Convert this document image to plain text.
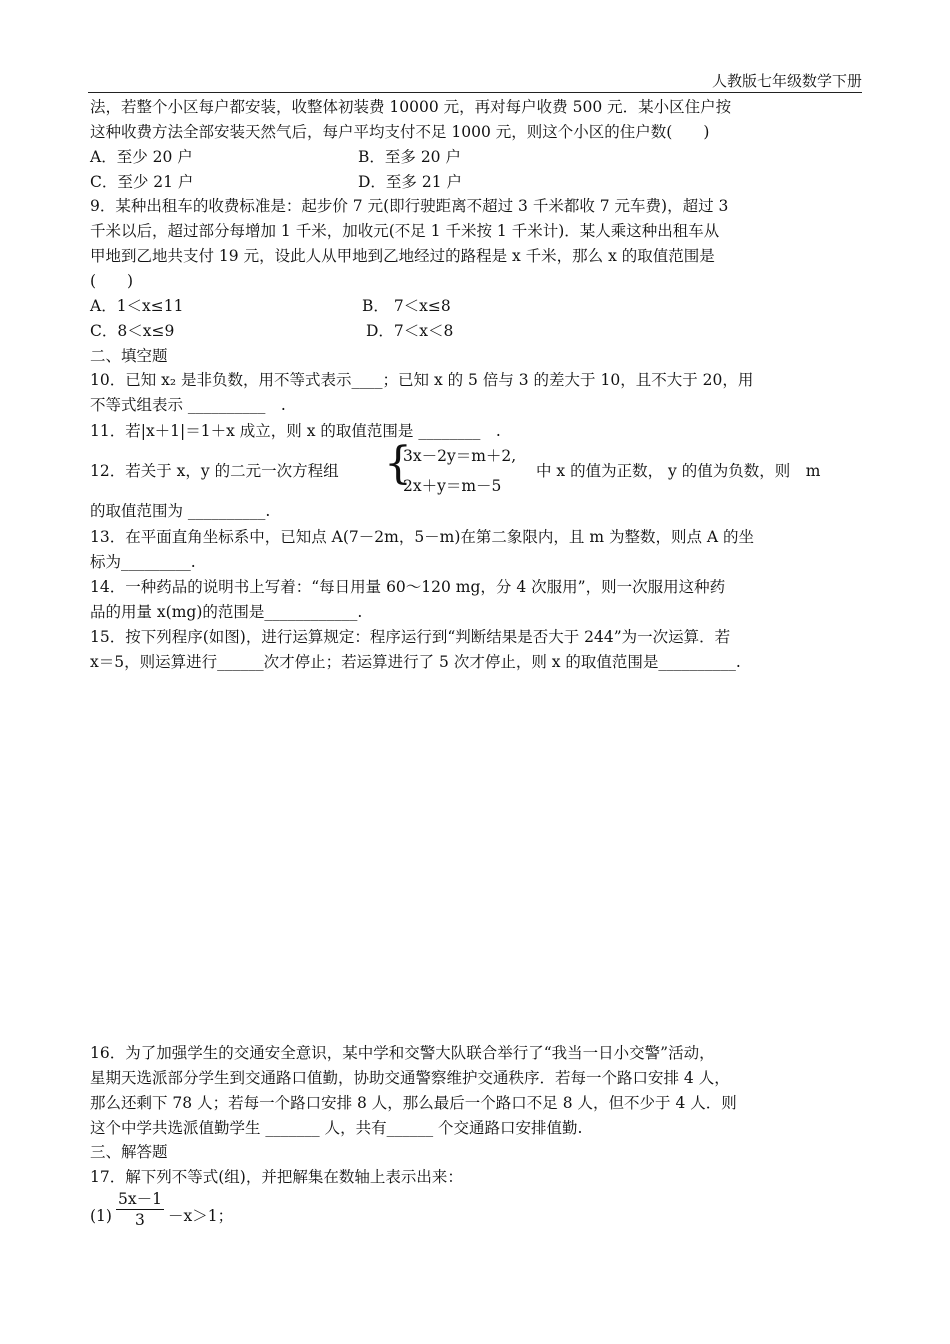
人教版七年级数学下册
法，若整个小区每户都安装，收整体初装费 10000 元，再对每户收费 500 元．某小区住户按
这种收费方法全部安装天然气后，每户平均支付不足 1000 元，则这个小区的住户数(　　)
A．至少 20 户	B．至多 20 户
C．至少 21 户	D．至多 21 户
9．某种出租车的收费标准是：起步价 7 元(即行驶距离不超过 3 千米都收 7 元车费)，超过 3
千米以后，超过部分每增加 1 千米，加收元(不足 1 千米按 1 千米计)．某人乘这种出租车从
甲地到乙地共支付 19 元，设此人从甲地到乙地经过的路程是 x 千米，那么 x 的取值范围是
(　　)
A．1＜x≤11	B． 7＜x≤8
C．8＜x≤9	D．7＜x＜8
二、填空题
10．已知 x₂ 是非负数，用不等式表示____；已知 x 的 5 倍与 3 的差大于 10，且不大于 20，用
不等式组表示 __________　.
11．若|x＋1|＝1＋x 成立，则 x 的取值范围是 ________　.
12．若关于 x，y 的二元一次方程组 {
3x－2y＝m＋2,
2x＋y＝m－5
中 x 的值为正数， y 的值为负数，则　m
的取值范围为 __________.
13．在平面直角坐标系中，已知点 A(7－2m，5－m)在第二象限内，且 m 为整数，则点 A 的坐
标为_________.
14．一种药品的说明书上写着：“每日用量 60～120 mg，分 4 次服用”，则一次服用这种药
品的用量 x(mg)的范围是____________.
15．按下列程序(如图)，进行运算规定：程序运行到“判断结果是否大于 244”为一次运算．若
x＝5，则运算进行______次才停止；若运算进行了 5 次才停止，则 x 的取值范围是__________.
16．为了加强学生的交通安全意识，某中学和交警大队联合举行了“我当一日小交警”活动，
星期天选派部分学生到交通路口值勤，协助交通警察维护交通秩序．若每一个路口安排 4 人，
那么还剩下 78 人；若每一个路口安排 8 人，那么最后一个路口不足 8 人，但不少于 4 人．则
这个中学共选派值勤学生 _______ 人，共有______ 个交通路口安排值勤.
三、解答题
17．解下列不等式(组)，并把解集在数轴上表示出来：
$(1) \frac{5x-1}{3} -x>1$；
